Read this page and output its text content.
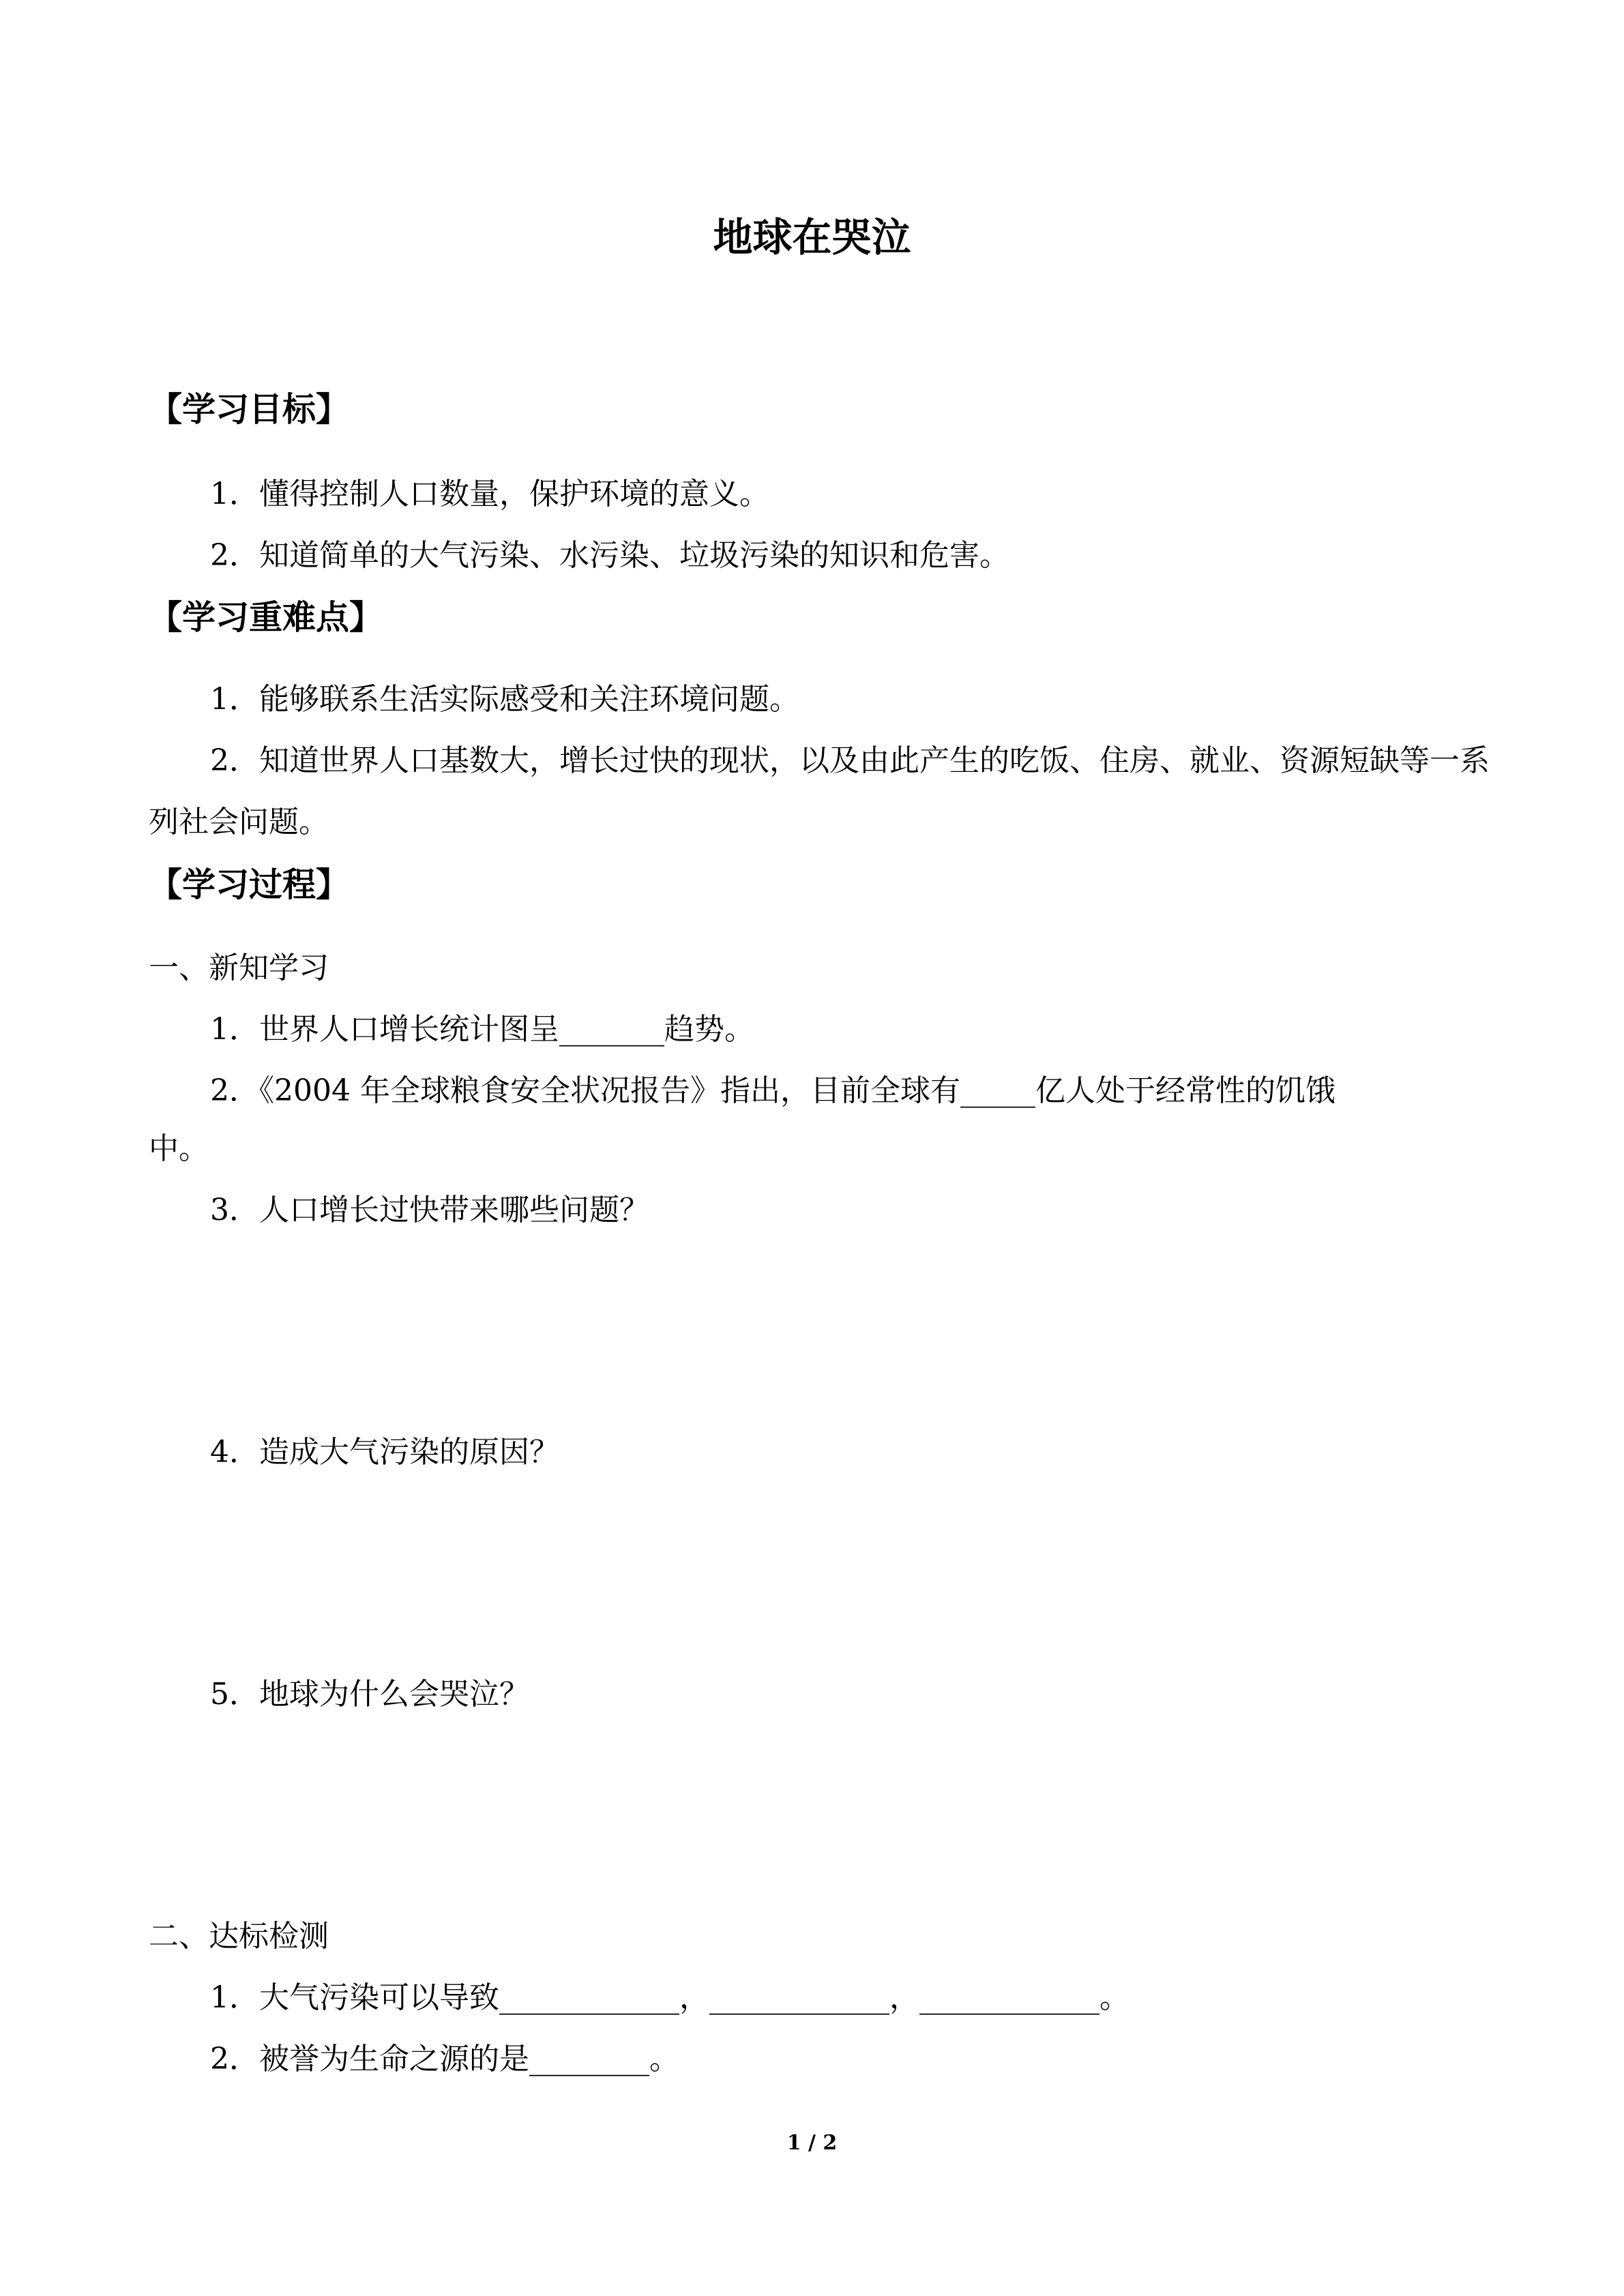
地球在哭泣
【学习目标】
1．懂得控制人口数量，保护环境的意义。
2．知道简单的大气污染、水污染、垃圾污染的知识和危害。
【学习重难点】
1．能够联系生活实际感受和关注环境问题。
2．知道世界人口基数大，增长过快的现状，以及由此产生的吃饭、住房、就业、资源短缺等一系列社会问题。
【学习过程】
一、新知学习
1．世界人口增长统计图呈_______趋势。
2．《2004 年全球粮食安全状况报告》指出，目前全球有_____亿人处于经常性的饥饿
中。
3．人口增长过快带来哪些问题？
4．造成大气污染的原因？
5．地球为什么会哭泣？
二、达标检测
1．大气污染可以导致____________，____________，____________。
2．被誉为生命之源的是________。
1 / 2
